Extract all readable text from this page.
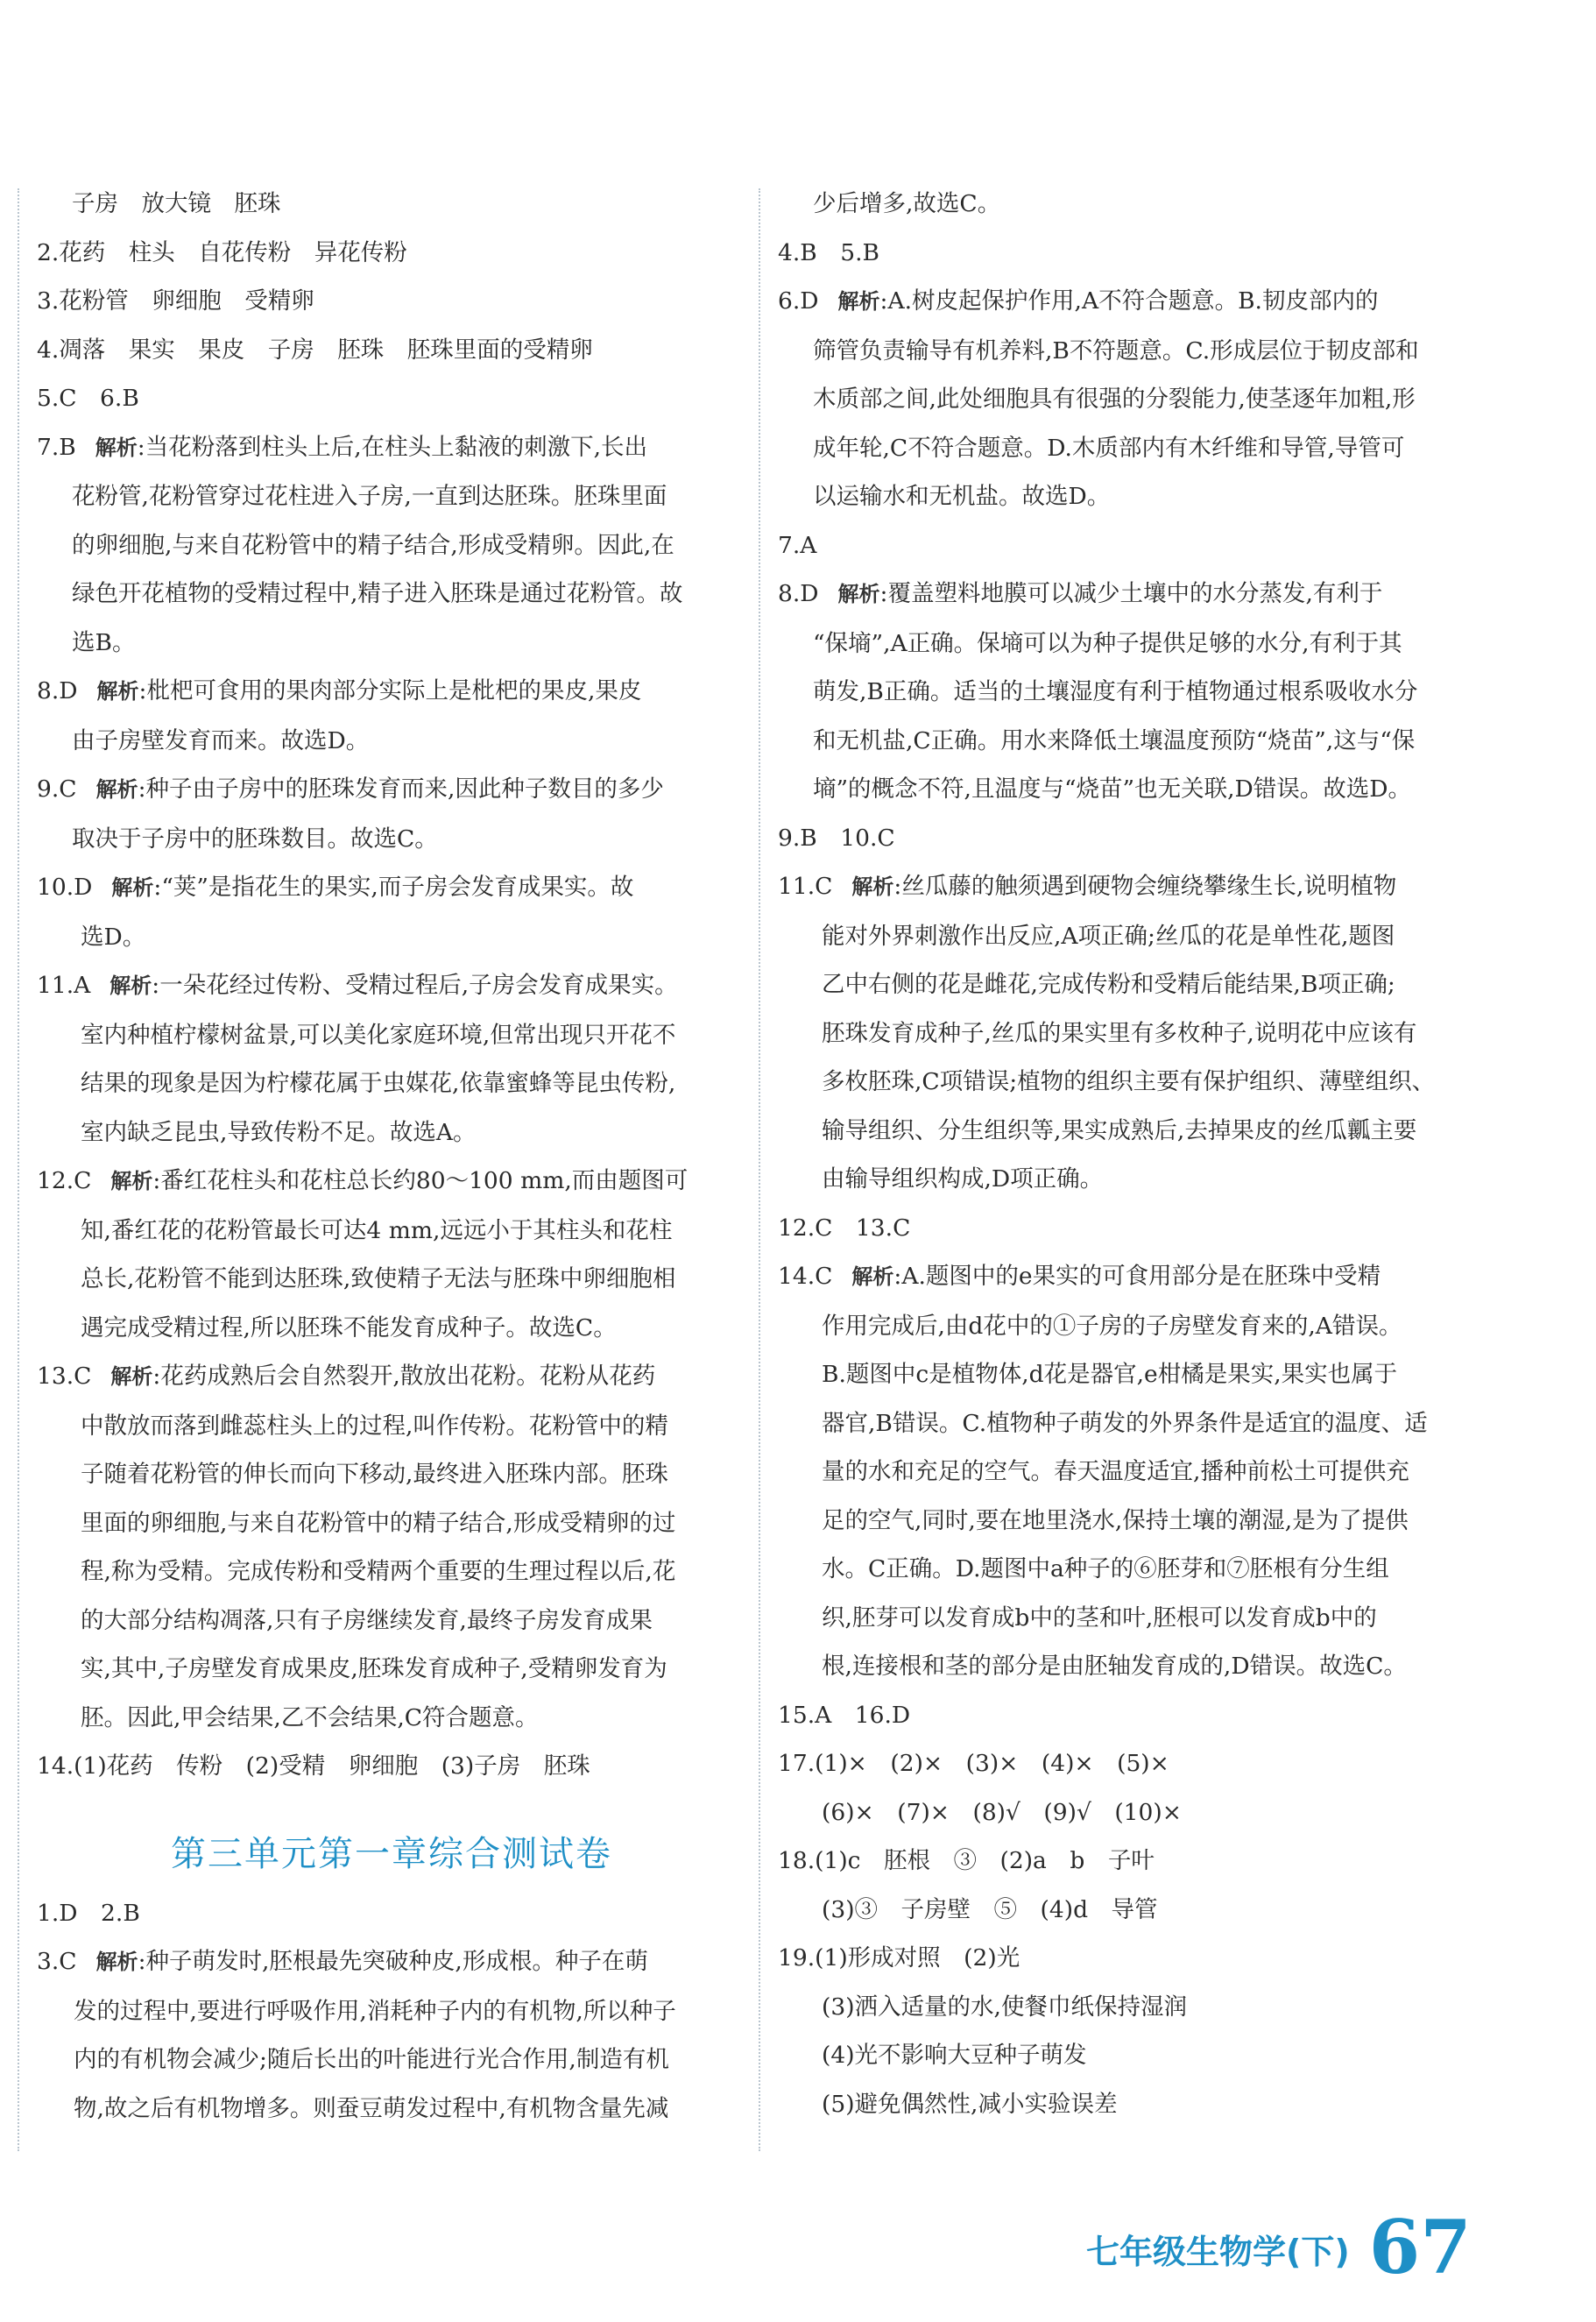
子房　放大镜　胚珠
2.花药　柱头　自花传粉　异花传粉
3.花粉管　卵细胞　受精卵
4.凋落　果实　果皮　子房　胚珠　胚珠里面的受精卵
5.C　6.B
7.B 解析:当花粉落到柱头上后,在柱头上黏液的刺激下,长出
花粉管,花粉管穿过花柱进入子房,一直到达胚珠。胚珠里面
的卵细胞,与来自花粉管中的精子结合,形成受精卵。因此,在
绿色开花植物的受精过程中,精子进入胚珠是通过花粉管。故
选B。
8.D 解析:枇杷可食用的果肉部分实际上是枇杷的果皮,果皮
由子房壁发育而来。故选D。
9.C 解析:种子由子房中的胚珠发育而来,因此种子数目的多少
取决于子房中的胚珠数目。故选C。
10.D 解析:“荚”是指花生的果实,而子房会发育成果实。故
选D。
11.A 解析:一朵花经过传粉、受精过程后,子房会发育成果实。
室内种植柠檬树盆景,可以美化家庭环境,但常出现只开花不
结果的现象是因为柠檬花属于虫媒花,依靠蜜蜂等昆虫传粉,
室内缺乏昆虫,导致传粉不足。故选A。
12.C 解析:番红花柱头和花柱总长约80～100 mm,而由题图可
知,番红花的花粉管最长可达4 mm,远远小于其柱头和花柱
总长,花粉管不能到达胚珠,致使精子无法与胚珠中卵细胞相
遇完成受精过程,所以胚珠不能发育成种子。故选C。
13.C 解析:花药成熟后会自然裂开,散放出花粉。花粉从花药
中散放而落到雌蕊柱头上的过程,叫作传粉。花粉管中的精
子随着花粉管的伸长而向下移动,最终进入胚珠内部。胚珠
里面的卵细胞,与来自花粉管中的精子结合,形成受精卵的过
程,称为受精。完成传粉和受精两个重要的生理过程以后,花
的大部分结构凋落,只有子房继续发育,最终子房发育成果
实,其中,子房壁发育成果皮,胚珠发育成种子,受精卵发育为
胚。因此,甲会结果,乙不会结果,C符合题意。
14.(1)花药　传粉　(2)受精　卵细胞　(3)子房　胚珠
第三单元第一章综合测试卷
1.D　2.B
3.C 解析:种子萌发时,胚根最先突破种皮,形成根。种子在萌
发的过程中,要进行呼吸作用,消耗种子内的有机物,所以种子
内的有机物会减少;随后长出的叶能进行光合作用,制造有机
物,故之后有机物增多。则蚕豆萌发过程中,有机物含量先减
少后增多,故选C。
4.B　5.B
6.D 解析:A.树皮起保护作用,A不符合题意。B.韧皮部内的
筛管负责输导有机养料,B不符题意。C.形成层位于韧皮部和
木质部之间,此处细胞具有很强的分裂能力,使茎逐年加粗,形
成年轮,C不符合题意。D.木质部内有木纤维和导管,导管可
以运输水和无机盐。故选D。
7.A
8.D 解析:覆盖塑料地膜可以减少土壤中的水分蒸发,有利于
“保墒”,A正确。保墒可以为种子提供足够的水分,有利于其
萌发,B正确。适当的土壤湿度有利于植物通过根系吸收水分
和无机盐,C正确。用水来降低土壤温度预防“烧苗”,这与“保
墒”的概念不符,且温度与“烧苗”也无关联,D错误。故选D。
9.B　10.C
11.C 解析:丝瓜藤的触须遇到硬物会缠绕攀缘生长,说明植物
能对外界刺激作出反应,A项正确;丝瓜的花是单性花,题图
乙中右侧的花是雌花,完成传粉和受精后能结果,B项正确;
胚珠发育成种子,丝瓜的果实里有多枚种子,说明花中应该有
多枚胚珠,C项错误;植物的组织主要有保护组织、薄壁组织、
输导组织、分生组织等,果实成熟后,去掉果皮的丝瓜瓤主要
由输导组织构成,D项正确。
12.C　13.C
14.C 解析:A.题图中的e果实的可食用部分是在胚珠中受精
作用完成后,由d花中的①子房的子房壁发育来的,A错误。
B.题图中c是植物体,d花是器官,e柑橘是果实,果实也属于
器官,B错误。C.植物种子萌发的外界条件是适宜的温度、适
量的水和充足的空气。春天温度适宜,播种前松土可提供充
足的空气,同时,要在地里浇水,保持土壤的潮湿,是为了提供
水。C正确。D.题图中a种子的⑥胚芽和⑦胚根有分生组
织,胚芽可以发育成b中的茎和叶,胚根可以发育成b中的
根,连接根和茎的部分是由胚轴发育成的,D错误。故选C。
15.A　16.D
17.(1)×　(2)×　(3)×　(4)×　(5)×
(6)×　(7)×　(8)√　(9)√　(10)×
18.(1)c　胚根　③　(2)a　b　子叶
(3)③　子房壁　⑤　(4)d　导管
19.(1)形成对照　(2)光
(3)洒入适量的水,使餐巾纸保持湿润
(4)光不影响大豆种子萌发
(5)避免偶然性,减小实验误差
七年级生物学(下) 67
